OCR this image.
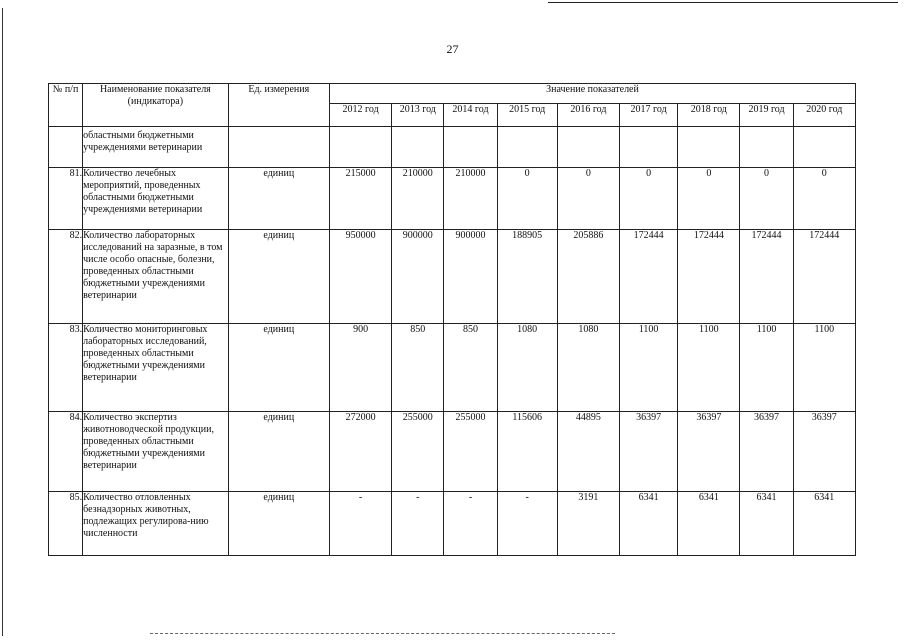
27
№ п/п	Наименование показателя (индикатора)	Ед. измерения	Значение показателей								
			2012 год	2013 год	2014 год	2015 год	2016 год	2017 год	2018 год	2019 год	2020 год
	областными бюджетными учреждениями ветеринарии										
81.	Количество лечебных мероприятий, проведенных областными бюджетными учреждениями ветеринарии	единиц	215000	210000	210000	0	0	0	0	0	0
82.	Количество лабораторных исследований на заразные, в том числе особо опасные, болезни, проведенных областными бюджетными учреждениями ветеринарии	единиц	950000	900000	900000	188905	205886	172444	172444	172444	172444
83.	Количество мониторинговых лабораторных исследований, проведенных областными бюджетными учреждениями ветеринарии	единиц	900	850	850	1080	1080	1100	1100	1100	1100
84.	Количество экспертиз животноводческой продукции, проведенных областными бюджетными учреждениями ветеринарии	единиц	272000	255000	255000	115606	44895	36397	36397	36397	36397
85.	Количество отловленных безнадзорных животных, подлежащих регулирова-нию численности	единиц	-	-	-	-	3191	6341	6341	6341	6341
